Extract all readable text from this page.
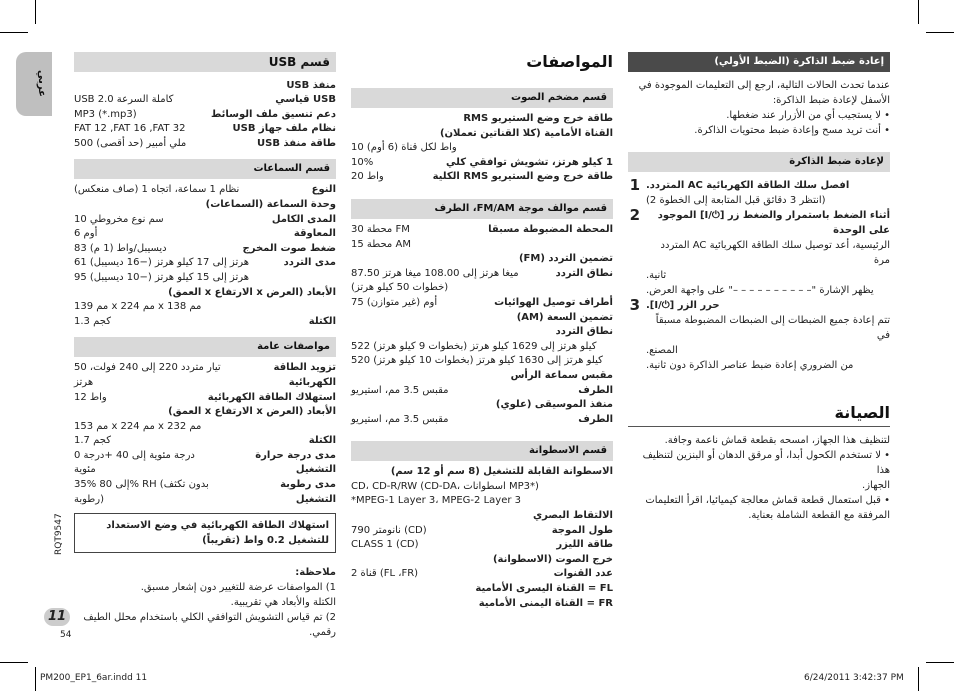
عربي
RQT9547
11
54
قسم USB
منفذ USB
USB 2.0 كاملة السرعة	USB قياسي
MP3 (*.mp3)	دعم تنسيق ملف الوسائط
FAT 12 ,FAT 16 ,FAT 32	نظام ملف جهاز USB
500 ملي أمبير (حد أقصى)	طاقة منفذ USB
قسم السماعات
نظام 1 سماعة، اتجاه 1 (صاف منعكس)	النوع
وحدة السماعة (السماعات)
10 سم نوع مخروطي	المدى الكامل
6 أوم	المعاوقة
83 ديسيبل/واط (1 م)	ضغط صوت المخرج
61 هرتز إلى 17 كيلو هرتز (−16 ديسيبل)	مدى التردد
95 هرتز إلى 15 كيلو هرتز (−10 ديسيبل)
الأبعاد (العرض x الارتفاع x العمق)
139 مم x 224 مم x 138 مم
1.3 كجم	الكتلة
مواصفات عامة
تيار متردد 220 إلى 240 فولت، 50 هرتز
تزويد الطاقة الكهربائية
12 واط	استهلاك الطاقة الكهربائية
الأبعاد (العرض x الارتفاع x العمق)
153 مم x 224 مم x 232 مم
1.7 كجم	الكتلة
0 درجة مئوية إلى 40 +درجة مئوية
مدى درجة حرارة التشغيل
35% إلى 80% RH (بدون تكثف رطوبة)
مدى رطوبة التشغيل
استهلاك الطاقة الكهربائية في وضع الاستعداد للتشغيل 0.2 واط (تقريباً)
ملاحظة:
1) المواصفات عرضة للتغيير دون إشعار مسبق.
الكتلة والأبعاد هي تقريبية.
2) تم قياس التشويش التوافقي الكلي باستخدام محلل الطيف
رقمي.
المواصفات
قسم مضخم الصوت
طاقة خرج وضع الستيريو RMS
القناة الأمامية (كلا القناتين تعملان)
10 واط لكل قناة (6 أوم)
10%	1 كيلو هرتز، تشويش توافقي كلي
20 واط	طاقة خرج وضع الستيريو RMS الكلية
قسم موالف موجة FM/AM، الطرف
30 محطة FM	المحطة المضبوطة مسبقا
15 محطة AM
تضمين التردد (FM)
87.50 ميغا هرتز إلى 108.00 ميغا هرتز	نطاق التردد
(خطوات 50 كيلو هرتز)
75 أوم (غير متوازن)	أطراف توصيل الهوائيات
تضمين السعة (AM)
نطاق التردد
522 كيلو هرتز إلى 1629 كيلو هرتز (بخطوات 9 كيلو هرتز)
520 كيلو هرتز إلى 1630 كيلو هرتز (بخطوات 10 كيلو هرتز)
مقبس سماعة الرأس
مقبس 3.5 مم، استيريو	الطرف
منفذ الموسيقى (علوي)
مقبس 3.5 مم، استيريو	الطرف
قسم الاسطوانة
الاسطوانة القابلة للتشغيل (8 سم أو 12 سم)
CD، CD-R/RW (CD-DA، اسطوانات MP3*)
*MPEG-1 Layer 3، MPEG-2 Layer 3
الالتقاط البصري
790 نانومتر (CD)	طول الموجة
CLASS 1 (CD)	طاقة الليزر
خرج الصوت (الاسطوانة)
2 قناة (FL ،FR)	عدد القنوات
FL = القناة اليسرى الأمامية
FR = القناة اليمنى الأمامية
إعادة ضبط الذاكرة (الضبط الأولي)
عندما تحدث الحالات التالية، ارجع إلى التعليمات الموجودة في
الأسفل لإعادة ضبط الذاكرة:
• لا يستجيب أي من الأزرار عند ضغطها.
• أنت تريد مسح وإعادة ضبط محتويات الذاكرة.
لإعادة ضبط الذاكرة
1 افصل سلك الطاقة الكهربائية AC المتردد.
(انتظر 3 دقائق قبل المتابعة إلى الخطوة 2)
2	أثناء الضغط باستمرار والضغط زر [⏻/I] الموجود على الوحدة
الرئيسية، أعد توصيل سلك الطاقة الكهربائية AC المتردد مرة
ثانية.
يظهر الإشارة "– – – – – – – – – –" على واجهة العرض.
3 حرر الزر [⏻/I].
تتم إعادة جميع الضبطات إلى الضبطات المضبوطة مسبقاً في
المصنع.
من الضروري إعادة ضبط عناصر الذاكرة دون ثانية.
الصيانة
لتنظيف هذا الجهاز، امسحه بقطعة قماش ناعمة وجافة.
• لا تستخدم الكحول أبدا، أو مرقق الدهان أو البنزين لتنظيف هذا
الجهاز.
• قبل استعمال قطعة قماش معالجة كيميائيا، اقرأ التعليمات
المرفقة مع القطعة الشاملة بعناية.
PM200_EP1_6ar.indd 11	6/24/2011 3:42:37 PM
